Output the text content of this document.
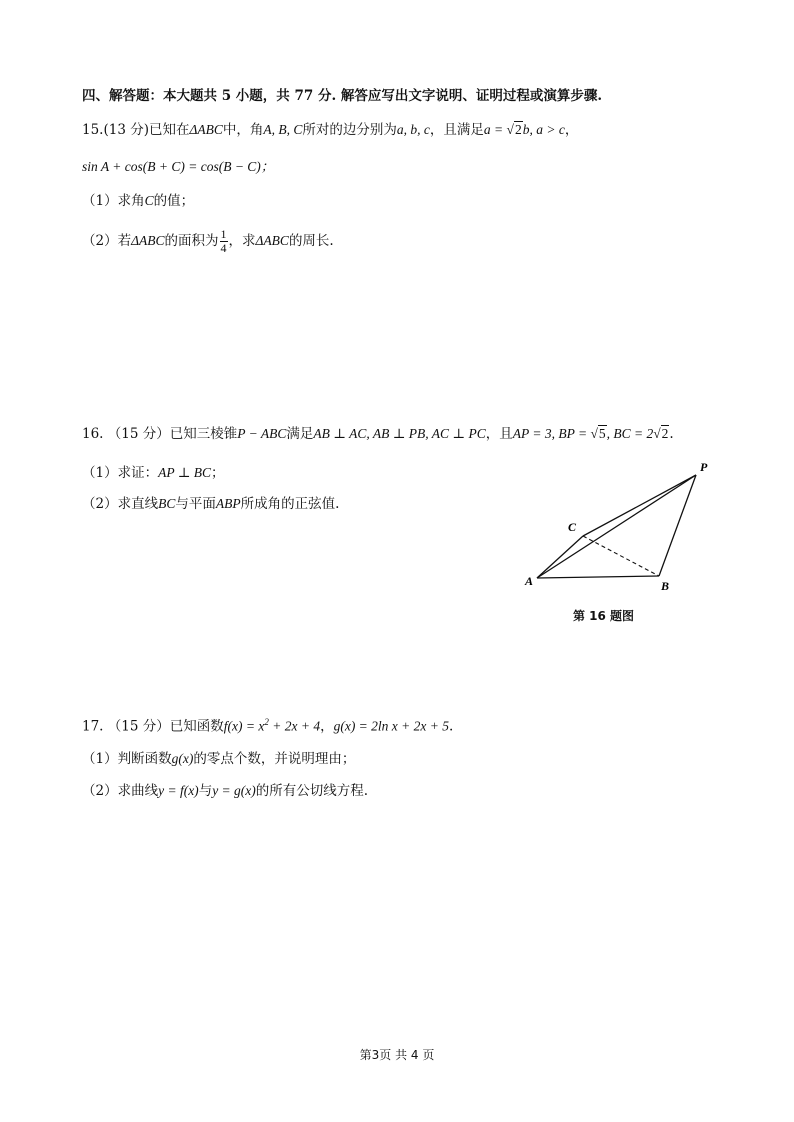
四、解答题：本大题共 5 小题，共 77 分. 解答应写出文字说明、证明过程或演算步骤.
15.(13 分)已知在ΔABC中，角A, B, C所对的边分别为a, b, c，且满足a = √2b, a > c，
sin A + cos(B + C) = cos(B − C)；
（1）求角C的值；
（2）若ΔABC的面积为 $\frac{1}{4}$ ，求ΔABC的周长.
16. （15 分）已知三棱锥P − ABC满足AB ⊥ AC, AB ⊥ PB, AC ⊥ PC，且AP = 3, BP = √5, BC = 2√2.
（1）求证：AP ⊥ BC；
（2）求直线BC与平面ABP所成角的正弦值.
P
C
A	B
第 16 题图
17. （15 分）已知函数$f(x) = x^2 + 2x + 4$，g(x) = 2ln x + 2x + 5.
（1）判断函数g(x)的零点个数，并说明理由；
（2）求曲线y = f(x)与y = g(x)的所有公切线方程.
第3页 共 4 页
